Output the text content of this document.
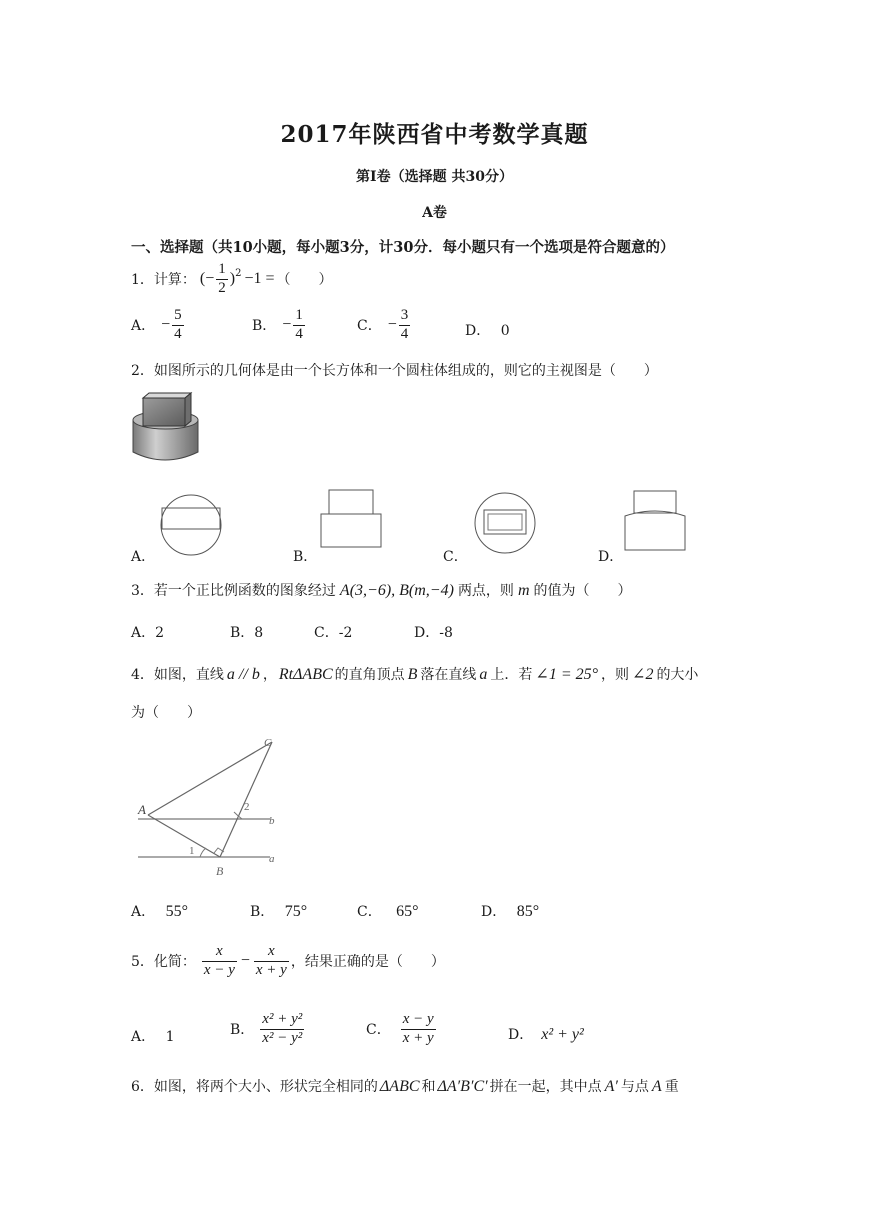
2017年陕西省中考数学真题
第Ⅰ卷（选择题 共30分）
A卷
一、选择题（共10小题，每小题3分，计30分．每小题只有一个选项是符合题意的）
1．计算： (− $\frac{1}{2} )^2 -1$ = （　　）
A． − $\frac{5}{4}$	B． − $\frac{1}{4}$	C． − $\frac{3}{4}$	D． 0
2．如图所示的几何体是由一个长方体和一个圆柱体组成的，则它的主视图是（　　）
A．	B．	C．	D．
3．若一个正比例函数的图象经过 A(3,−6), B(m,−4) 两点，则 m 的值为（　　）
A．2	B．8	C．-2	D．-8
4．如图，直线 a // b ， RtΔABC 的直角顶点 B 落在直线 a 上．若 ∠1 = 25° ，则 ∠2 的大小
为（　　）
C
A
b
a
B
1
2
A． 55°	B． 75°	C． 65°	D． 85°
5．化简： $\frac{x}{x - y} - \frac{x}{x + y}$ ，结果正确的是（　　）
A． 1	B． $\frac{\text{x² + y²}}{\text{x² − y²}}$	C． $\frac{x - y}{x + y}$	D． x² + y²
6．如图，将两个大小、形状完全相同的 ΔABC 和 ΔA′B′C′ 拼在一起，其中点 A′ 与点 A 重
